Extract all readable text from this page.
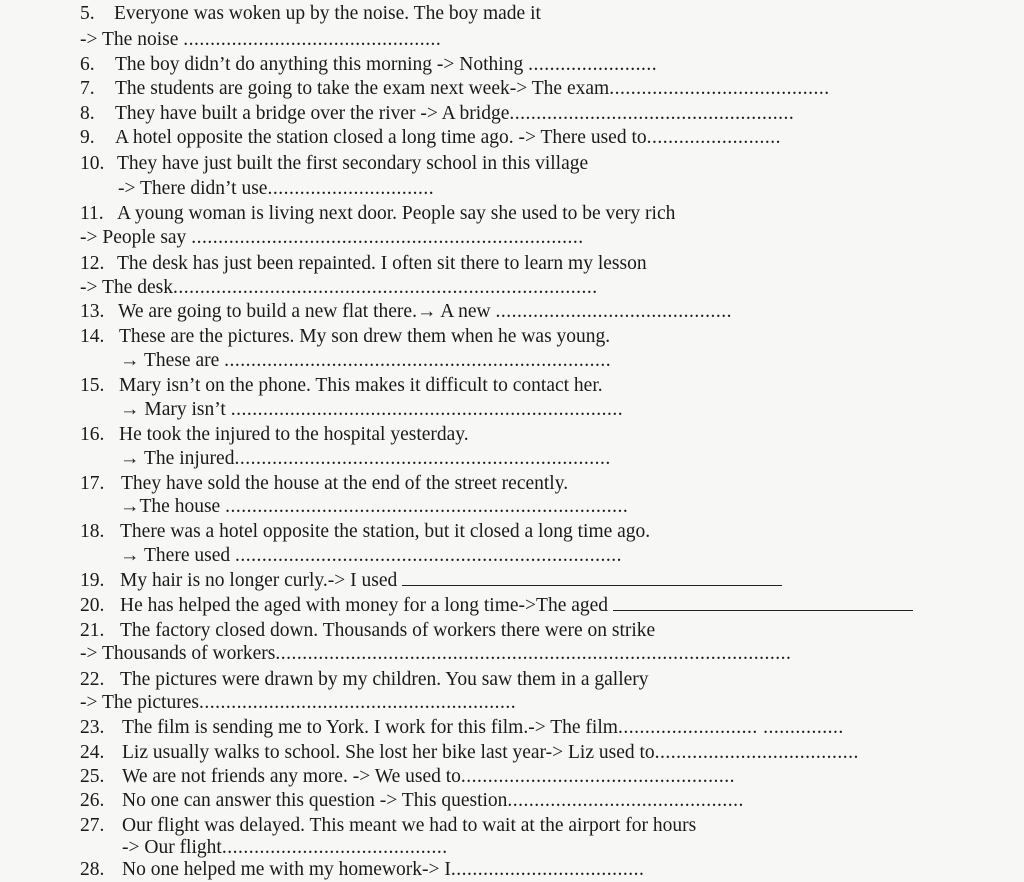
5. Everyone was woken up by the noise. The boy made it
-> The noise ................................................
6. The boy didn’t do anything this morning -> Nothing ........................
7. The students are going to take the exam next week-> The exam.........................................
8. They have built a bridge over the river -> A bridge.....................................................
9. A hotel opposite the station closed a long time ago. -> There used to.........................
10. They have just built the first secondary school in this village
-> There didn’t use...............................
11. A young woman is living next door. People say she used to be very rich
-> People say .........................................................................
12. The desk has just been repainted. I often sit there to learn my lesson
-> The desk...............................................................................
13. We are going to build a new flat there.→ A new ............................................
14. These are the pictures. My son drew them when he was young.
→ These are ........................................................................
15. Mary isn’t on the phone. This makes it difficult to contact her.
→ Mary isn’t .........................................................................
16. He took the injured to the hospital yesterday.
→ The injured......................................................................
17. They have sold the house at the end of the street recently.
→The house ...........................................................................
18. There was a hotel opposite the station, but it closed a long time ago.
→ There used ........................................................................
19. My hair is no longer curly.-> I used
20. He has helped the aged with money for a long time->The aged
21. The factory closed down. Thousands of workers there were on strike
-> Thousands of workers................................................................................................
22. The pictures were drawn by my children. You saw them in a gallery
-> The pictures...........................................................
23. The film is sending me to York. I work for this film.-> The film.......................... ...............
24. Liz usually walks to school. She lost her bike last year-> Liz used to......................................
25. We are not friends any more. -> We used to...................................................
26. No one can answer this question -> This question............................................
27. Our flight was delayed. This meant we had to wait at the airport for hours
-> Our flight..........................................
28. No one helped me with my homework-> I....................................
